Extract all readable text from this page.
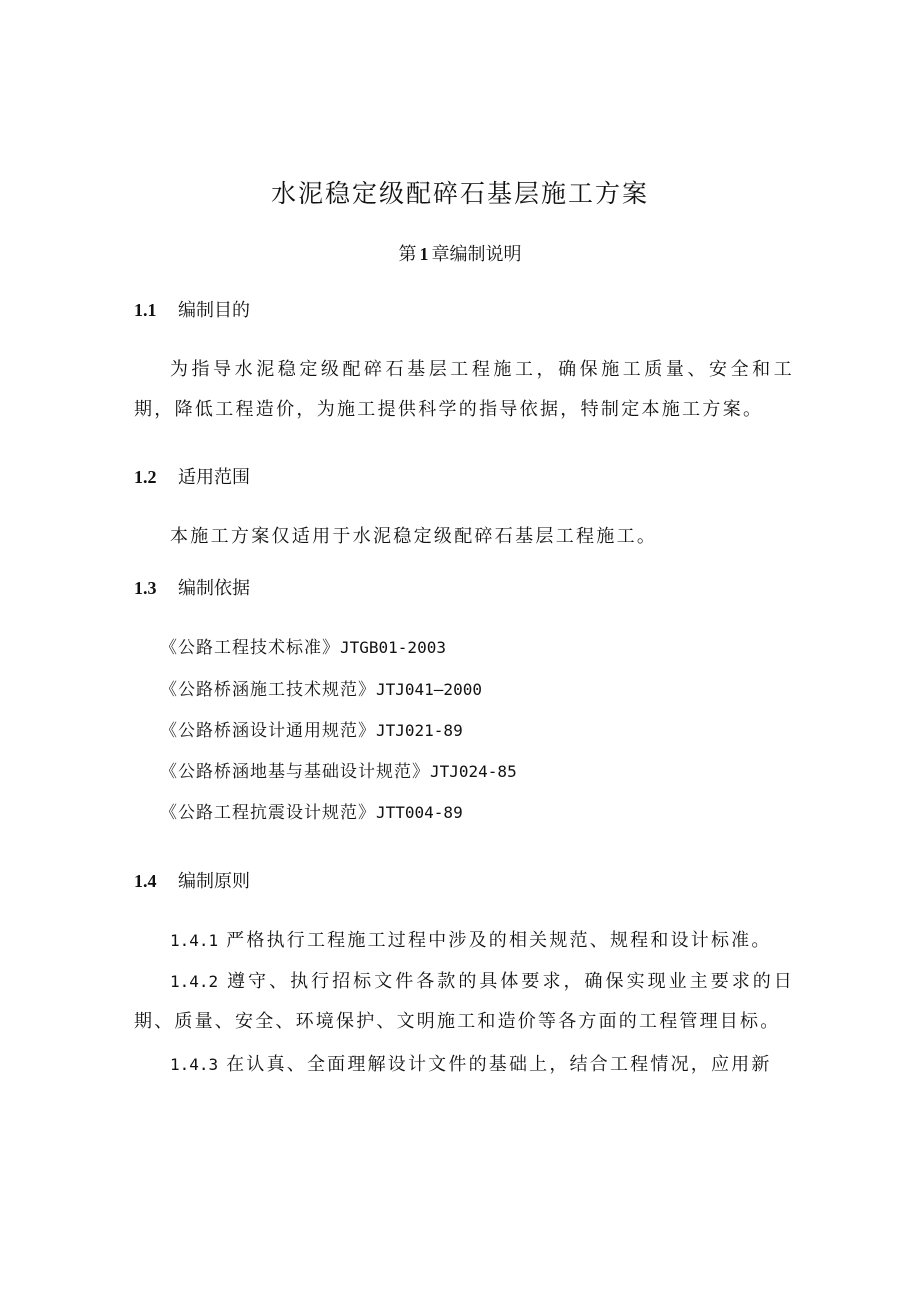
水泥稳定级配碎石基层施工方案
第 1 章编制说明
1.1 编制目的
为指导水泥稳定级配碎石基层工程施工，确保施工质量、安全和工期，降低工程造价，为施工提供科学的指导依据，特制定本施工方案。
1.2 适用范围
本施工方案仅适用于水泥稳定级配碎石基层工程施工。
1.3 编制依据
《公路工程技术标准》JTGB01-2003
《公路桥涵施工技术规范》JTJ041—2000
《公路桥涵设计通用规范》JTJ021-89
《公路桥涵地基与基础设计规范》JTJ024-85
《公路工程抗震设计规范》JTT004-89
1.4 编制原则
1.4.1 严格执行工程施工过程中涉及的相关规范、规程和设计标准。
1.4.2 遵守、执行招标文件各款的具体要求，确保实现业主要求的日期、质量、安全、环境保护、文明施工和造价等各方面的工程管理目标。
1.4.3 在认真、全面理解设计文件的基础上，结合工程情况，应用新
